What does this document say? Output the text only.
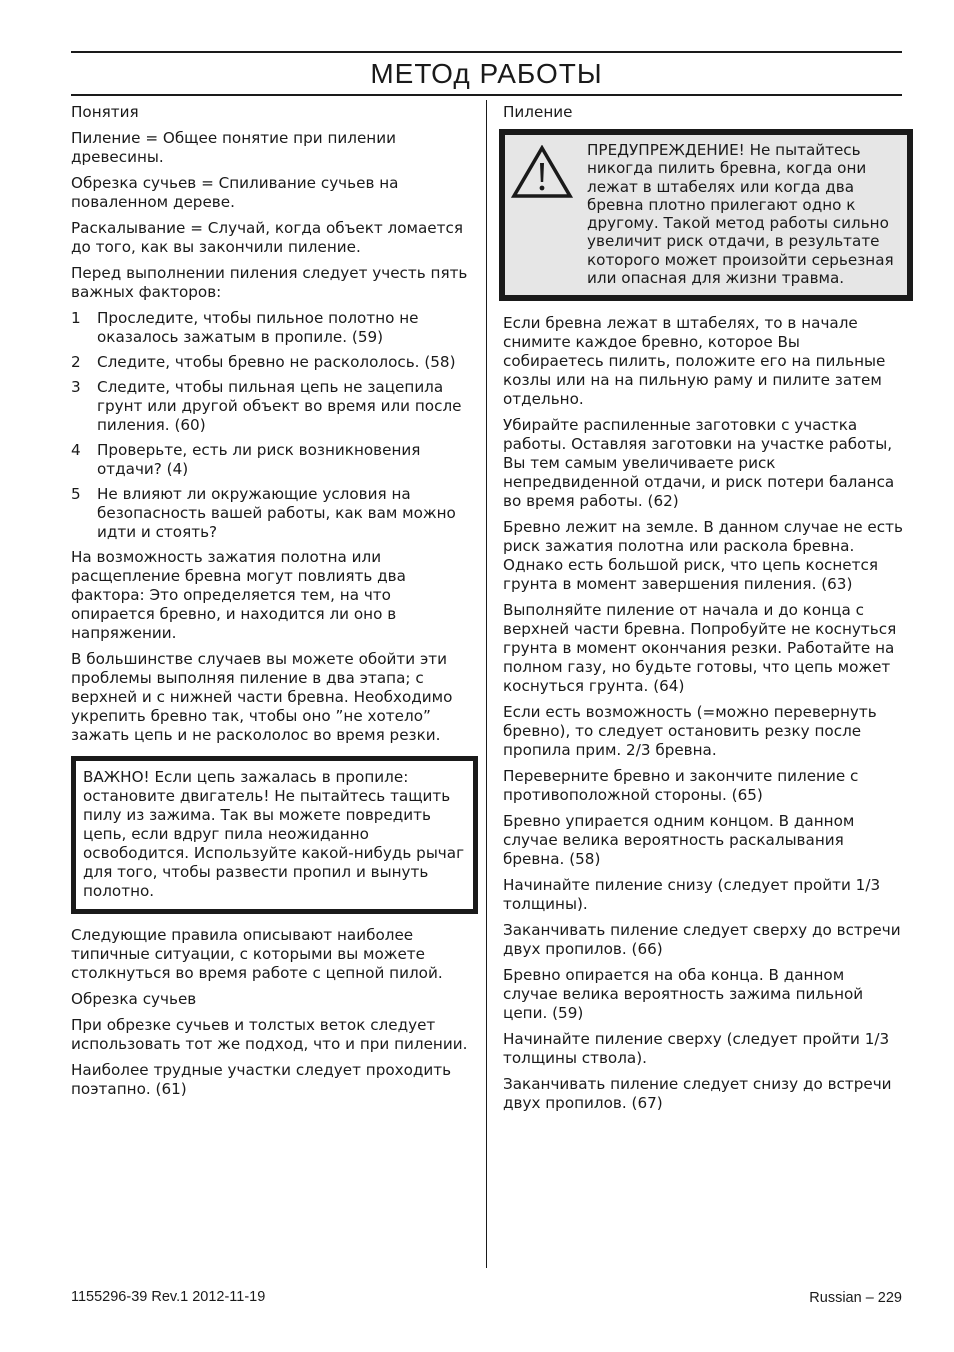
МЕТОд РАБОТЫ

Понятия

Пиление = Общее понятие при пилении древесины.

Обрезка сучьев = Спиливание сучьев на поваленном дереве.

Раскалывание = Случай, когда объект ломается до того, как вы закончили пиление.

Перед выполнении пиления следует учесть пять важных факторов:

1	Проследите, чтобы пильное полотно не оказалось зажатым в пропиле. (59)
2	Следите, чтобы бревно не раскололось. (58)
3	Следите, чтобы пильная цепь не зацепила грунт или другой объект во время или после пиления. (60)
4	Проверьте, есть ли риск возникновения отдачи? (4)
5	Не влияют ли окружающие условия на безопасность вашей работы, как вам можно идти и стоять?

На возможность зажатия полотна или расщепление бревна могут повлиять два фактора: Это определяется тем, на что опирается бревно, и находится ли оно в напряжении.

В большинстве случаев вы можете обойти эти проблемы выполняя пиление в два этапа; с верхней и с нижней части бревна. Необходимо укрепить бревно так, чтобы оно ”не хотело” зажать цепь и не раскололос во время резки.

ВАЖНО! Если цепь зажалась в пропиле: остановите двигатель! Не пытайтесь тащить пилу из зажима. Так вы можете повредить цепь, если вдруг пила неожиданно освободится. Используйте какой-нибудь рычаг для того, чтобы развести пропил и вынуть полотно.

Следующие правила описывают наиболее типичные ситуации, с которыми вы можете столкнуться во время работе с цепной пилой.

Обрезка сучьев

При обрезке сучьев и толстых веток следует использовать тот же подход, что и при пилении.

Наиболее трудные участки следует проходить поэтапно. (61)

Пиление

ПРЕДУПРЕЖДЕНИЕ! Не пытайтесь никогда пилить бревна, когда они лежат в штабелях или когда два бревна плотно прилегают одно к другому. Такой метод работы сильно увеличит риск отдачи, в результате которого может произойти серьезная или опасная для жизни травма.

Если бревна лежат в штабелях, то в начале снимите каждое бревно, которое Вы собираетесь пилить, положите его на пильные козлы или на на пильную раму и пилите затем отдельно.

Убирайте распиленные заготовки с участка работы. Оставляя заготовки на участке работы, Вы тем самым увеличиваете риск непредвиденной отдачи, и риск потери баланса во время работы. (62)

Бревно лежит на земле. В данном случае не есть риск зажатия полотна или раскола бревна. Однако есть большой риск, что цепь коснется грунта в момент завершения пиления. (63)

Выполняйте пиление от начала и до конца с верхней части бревна. Попробуйте не коснуться грунта в момент окончания резки. Работайте на полном газу, но будьте готовы, что цепь может коснуться грунта. (64)

Если есть возможность (=можно перевернуть бревно), то следует остановить резку после пропила прим. 2/3 бревна.

Переверните бревно и закончите пиление с противоположной стороны. (65)

Бревно упирается одним концом. В данном случае велика вероятность раскалывания бревна. (58)

Начинайте пиление снизу (следует пройти 1/3 толщины).

Заканчивать пиление следует сверху до встречи двух пропилов. (66)

Бревно опирается на оба конца. В данном случае велика вероятность зажима пильной цепи. (59)

Начинайте пиление сверху (следует пройти 1/3 толщины ствола).

Заканчивать пиление следует снизу до встречи двух пропилов. (67)

1155296-39 Rev.1 2012-11-19	Russian – 229
